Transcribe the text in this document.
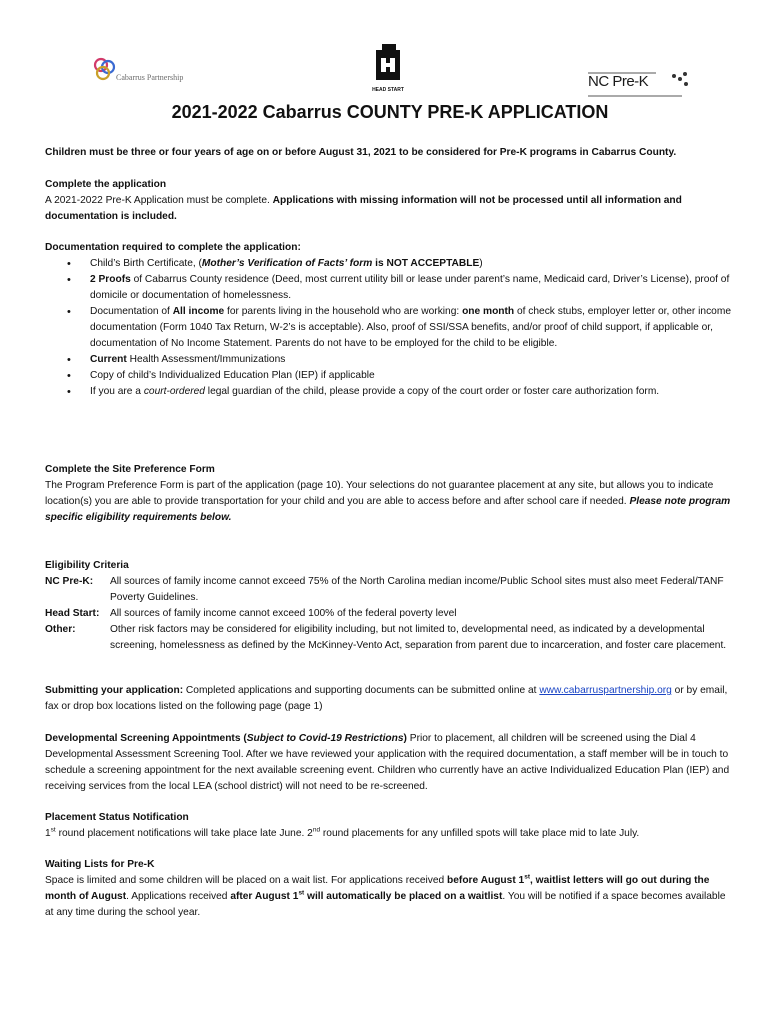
Cabarrus Partnership
HEAD START	NC Pre-K
2021-2022 Cabarrus COUNTY PRE-K APPLICATION

Children must be three or four years of age on or before August 31, 2021 to be considered for Pre-K programs in Cabarrus County.

Complete the application

A 2021-2022 Pre-K Application must be complete. Applications with missing information will not be processed until all information and documentation is included.

Documentation required to complete the application:

• Child’s Birth Certificate, (Mother’s Verification of Facts’ form is NOT ACCEPTABLE)
• 2 Proofs of Cabarrus County residence (Deed, most current utility bill or lease under parent’s name, Medicaid card, Driver’s License), proof of domicile or documentation of homelessness.
• Documentation of All income for parents living in the household who are working: one month of check stubs, employer letter or, other income documentation (Form 1040 Tax Return, W-2’s is acceptable). Also, proof of SSI/SSA benefits, and/or proof of child support, if applicable or, documentation of No Income Statement. Parents do not have to be employed for the child to be eligible.
• Current Health Assessment/Immunizations
• Copy of child’s Individualized Education Plan (IEP) if applicable
• If you are a court-ordered legal guardian of the child, please provide a copy of the court order or foster care authorization form.

Complete the Site Preference Form

The Program Preference Form is part of the application (page 10). Your selections do not guarantee placement at any site, but allows you to indicate location(s) you are able to provide transportation for your child and you are able to access before and after school care if needed. Please note program specific eligibility requirements below.

Eligibility Criteria

NC Pre-K: All sources of family income cannot exceed 75% of the North Carolina median income/Public School sites must also meet Federal/TANF Poverty Guidelines.
Head Start: All sources of family income cannot exceed 100% of the federal poverty level
Other:	Other risk factors may be considered for eligibility including, but not limited to, developmental need, as indicated by a developmental screening, homelessness as defined by the McKinney-Vento Act, separation from parent due to incarceration, and foster care placement.

Submitting your application: Completed applications and supporting documents can be submitted online at www.cabarruspartnership.org or by email, fax or drop box locations listed on the following page (page 1)

Developmental Screening Appointments (Subject to Covid-19 Restrictions) Prior to placement, all children will be screened using the Dial 4 Developmental Assessment Screening Tool. After we have reviewed your application with the required documentation, a staff member will be in touch to schedule a screening appointment for the next available screening event. Children who currently have an active Individualized Education Plan (IEP) and receiving services from the local LEA (school district) will not need to be re-screened.

Placement Status Notification

1st round placement notifications will take place late June. 2nd round placements for any unfilled spots will take place mid to late July.

Waiting Lists for Pre-K

Space is limited and some children will be placed on a wait list. For applications received before August 1st, waitlist letters will go out during the month of August. Applications received after August 1st will automatically be placed on a waitlist. You will be notified if a space becomes available at any time during the school year.
